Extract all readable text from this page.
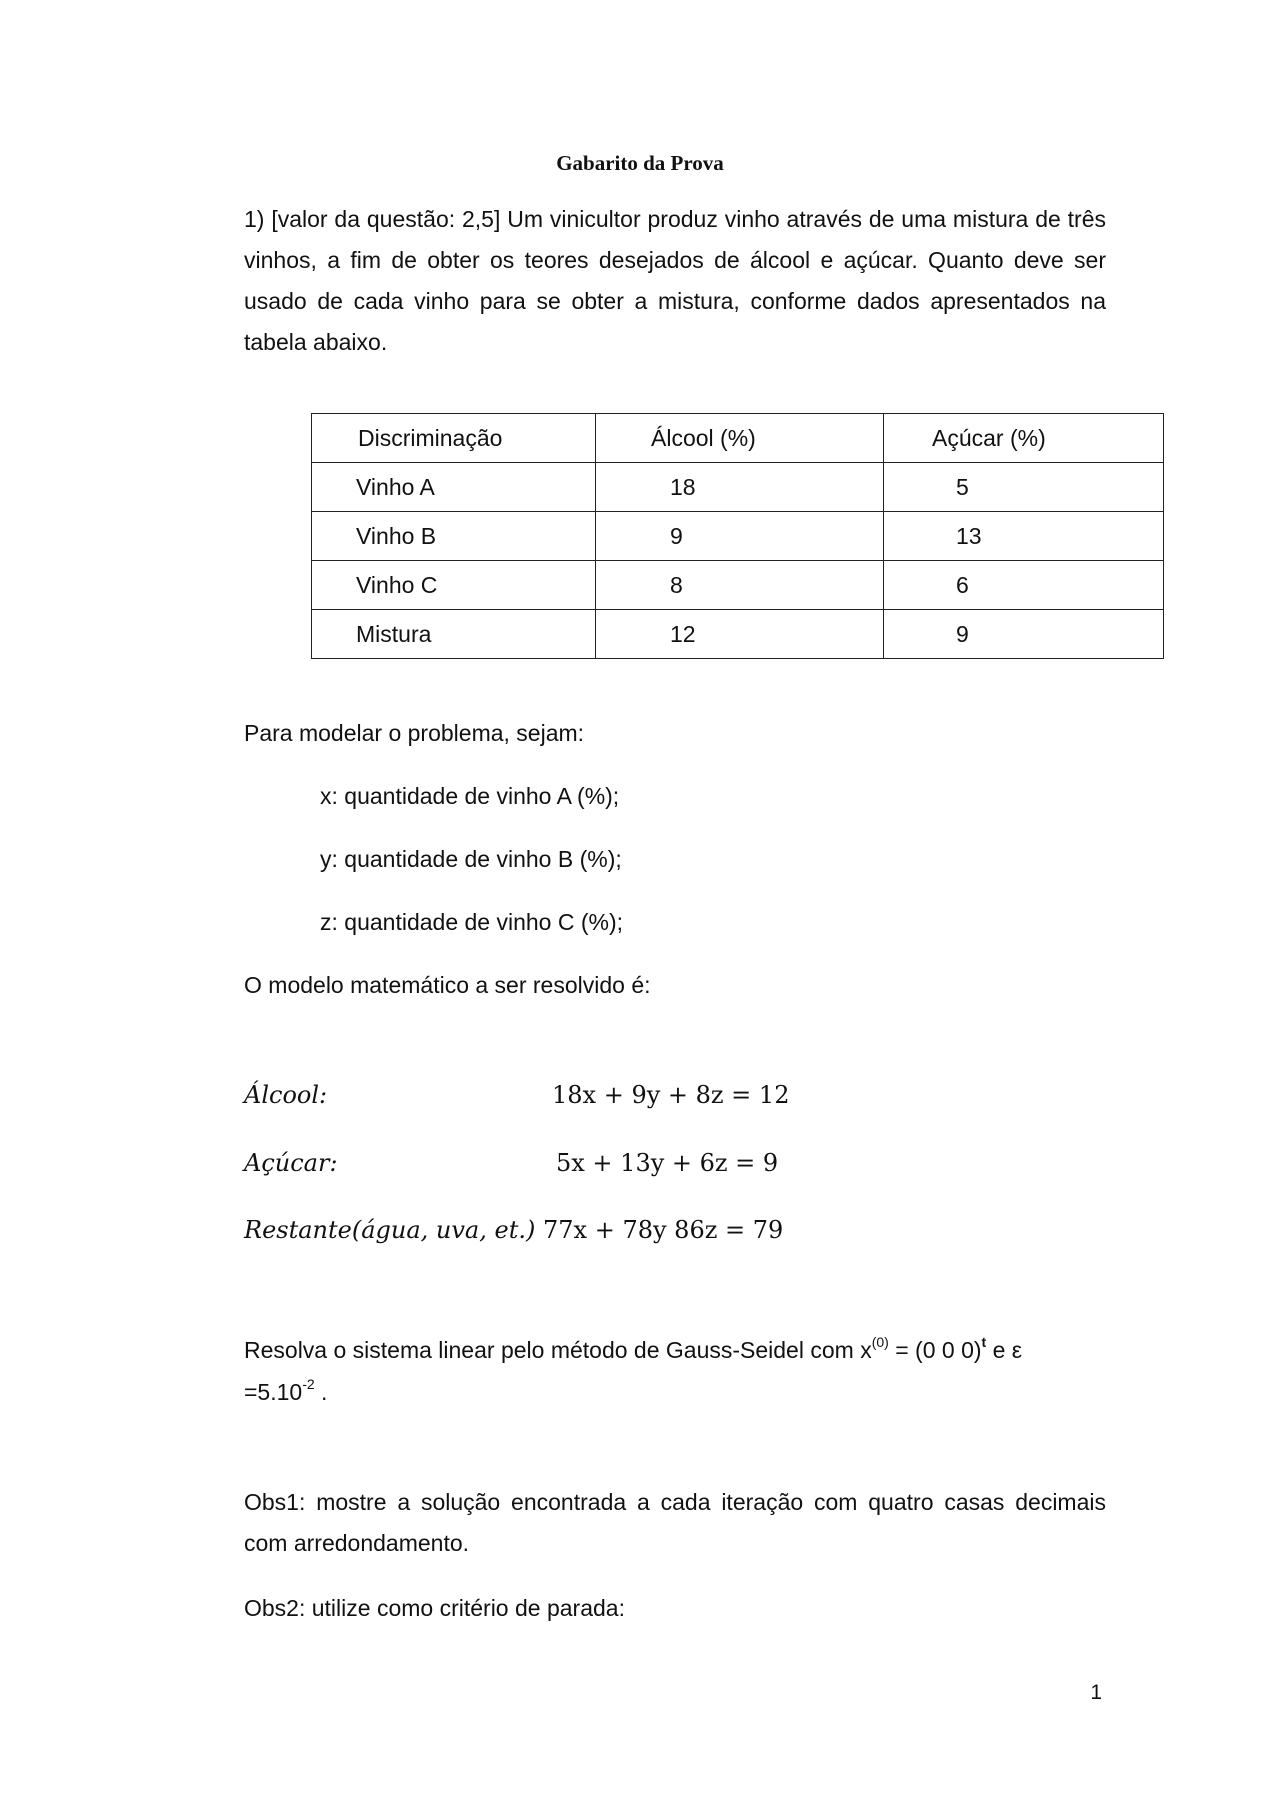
Gabarito da Prova
1) [valor da questão: 2,5] Um vinicultor produz vinho através de uma mistura de três vinhos, a fim de obter os teores desejados de álcool e açúcar. Quanto deve ser usado de cada vinho para se obter a mistura, conforme dados apresentados na tabela abaixo.
Discriminação	Álcool (%)	Açúcar (%)
Vinho A	18	5
Vinho B	9	13
Vinho C	8	6
Mistura	12	9
Para modelar o problema, sejam:
x: quantidade de vinho A (%);
y: quantidade de vinho B (%);
z: quantidade de vinho C (%);
O modelo matemático a ser resolvido é:
Álcool:	18x + 9y + 8z = 12
Açúcar:	5x + 13y + 6z = 9
Restante(água, uva, et.) 77x + 78y 86z = 79
Resolva o sistema linear pelo método de Gauss-Seidel com $x^{(0)} = (0$ 0 0)$^t$ e ε
$=5.10^{-2}$ .
Obs1: mostre a solução encontrada a cada iteração com quatro casas decimais com arredondamento.
Obs2: utilize como critério de parada:
1
